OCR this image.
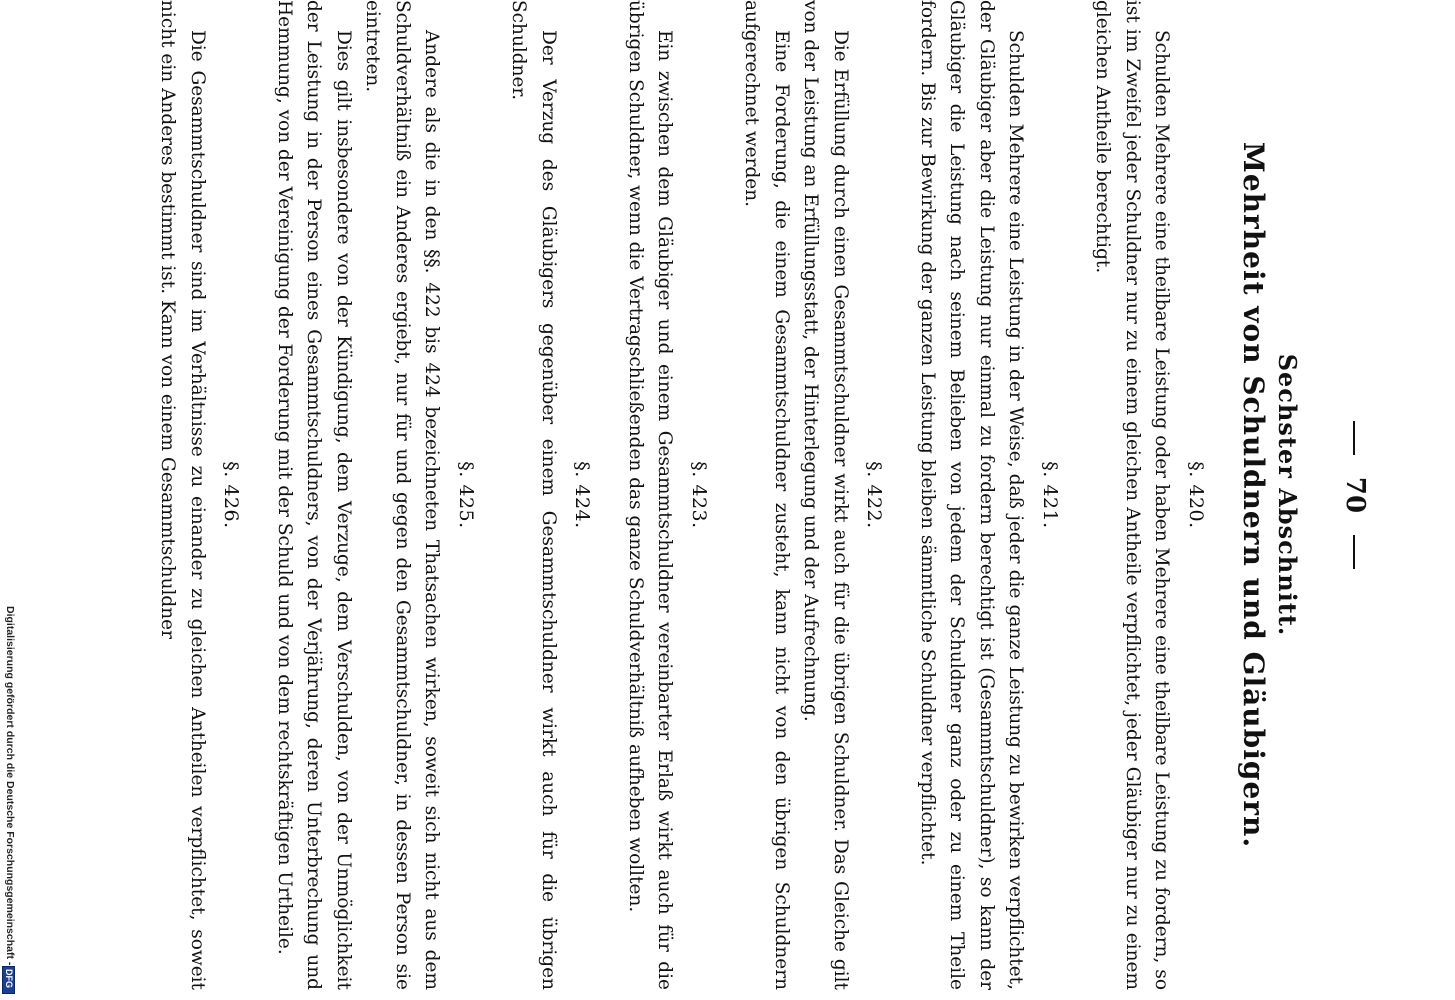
70
Sechster Abschnitt.
Mehrheit von Schuldnern und Gläubigern.
§. 420.

Schulden Mehrere eine theilbare Leistung oder haben Mehrere eine theilbare Leistung zu fordern, so ist im Zweifel jeder Schuldner nur zu einem gleichen Antheile verpflichtet, jeder Gläubiger nur zu einem gleichen Antheile berechtigt.

§. 421.

Schulden Mehrere eine Leistung in der Weise, daß jeder die ganze Leistung zu bewirken verpflichtet, der Gläubiger aber die Leistung nur einmal zu fordern berechtigt ist (Gesammtschuldner), so kann der Gläubiger die Leistung nach seinem Belieben von jedem der Schuldner ganz oder zu einem Theile fordern. Bis zur Bewirkung der ganzen Leistung bleiben sämmtliche Schuldner verpflichtet.

§. 422.

Die Erfüllung durch einen Gesammtschuldner wirkt auch für die übrigen Schuldner. Das Gleiche gilt von der Leistung an Erfüllungsstatt, der Hinterlegung und der Aufrechnung.

Eine Forderung, die einem Gesammtschuldner zusteht, kann nicht von den übrigen Schuldnern aufgerechnet werden.

§. 423.

Ein zwischen dem Gläubiger und einem Gesammtschuldner vereinbarter Erlaß wirkt auch für die übrigen Schuldner, wenn die Vertragschließenden das ganze Schuldverhältniß aufheben wollten.

§. 424.

Der Verzug des Gläubigers gegenüber einem Gesammtschuldner wirkt auch für die übrigen Schuldner.

§. 425.

Andere als die in den §§. 422 bis 424 bezeichneten Thatsachen wirken, soweit sich nicht aus dem Schuldverhältniß ein Anderes ergiebt, nur für und gegen den Gesammtschuldner, in dessen Person sie eintreten.

Dies gilt insbesondere von der Kündigung, dem Verzuge, dem Verschulden, von der Unmöglichkeit der Leistung in der Person eines Gesammtschuldners, von der Verjährung, deren Unterbrechung und Hemmung, von der Vereinigung der Forderung mit der Schuld und von dem rechtskräftigen Urtheile.

§. 426.

Die Gesammtschuldner sind im Verhältnisse zu einander zu gleichen Antheilen verpflichtet, soweit nicht ein Anderes bestimmt ist. Kann von einem Gesammtschuldner

Digitalisierung gefördert durch die Deutsche Forschungsgemeinschaft -
DFG
